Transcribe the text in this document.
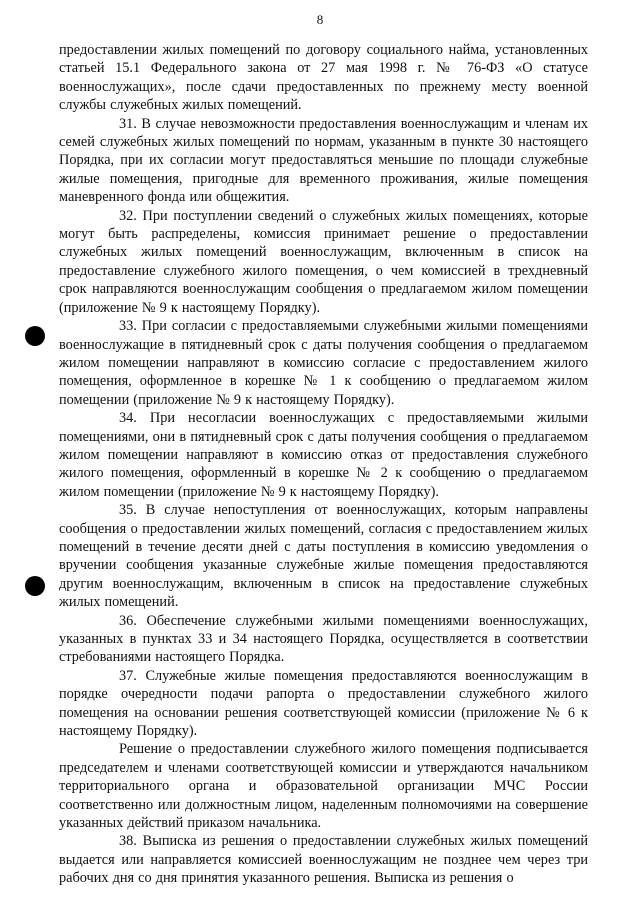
8

предоставлении жилых помещений по договору социального найма, установленных статьей 15.1 Федерального закона от 27 мая 1998 г. № 76-ФЗ «О статусе военнослужащих», после сдачи предоставленных по прежнему месту военной службы служебных жилых помещений.

31. В случае невозможности предоставления военнослужащим и членам их семей служебных жилых помещений по нормам, указанным в пункте 30 настоящего Порядка, при их согласии могут предоставляться меньшие по площади служебные жилые помещения, пригодные для временного проживания, жилые помещения маневренного фонда или общежития.

32. При поступлении сведений о служебных жилых помещениях, которые могут быть распределены, комиссия принимает решение о предоставлении служебных жилых помещений военнослужащим, включенным в список на предоставление служебного жилого помещения, о чем комиссией в трехдневный срок направляются военнослужащим сообщения о предлагаемом жилом помещении (приложение № 9 к настоящему Порядку).

33. При согласии с предоставляемыми служебными жилыми помещениями военнослужащие в пятидневный срок с даты получения сообщения о предлагаемом жилом помещении направляют в комиссию согласие с предоставлением жилого помещения, оформленное в корешке № 1 к сообщению о предлагаемом жилом помещении (приложение № 9 к настоящему Порядку).

34. При несогласии военнослужащих с предоставляемыми жилыми помещениями, они в пятидневный срок с даты получения сообщения о предлагаемом жилом помещении направляют в комиссию отказ от предоставления служебного жилого помещения, оформленный в корешке № 2 к сообщению о предлагаемом жилом помещении (приложение № 9 к настоящему Порядку).

35. В случае непоступления от военнослужащих, которым направлены сообщения о предоставлении жилых помещений, согласия с предоставлением жилых помещений в течение десяти дней с даты поступления в комиссию уведомления о вручении сообщения указанные служебные жилые помещения предоставляются другим военнослужащим, включенным в список на предоставление служебных жилых помещений.

36. Обеспечение служебными жилыми помещениями военнослужащих, указанных в пунктах 33 и 34 настоящего Порядка, осуществляется в соответствии стребованиями настоящего Порядка.

37. Служебные жилые помещения предоставляются военнослужащим в порядке очередности подачи рапорта о предоставлении служебного жилого помещения на основании решения соответствующей комиссии (приложение № 6 к настоящему Порядку).

Решение о предоставлении служебного жилого помещения подписывается председателем и членами соответствующей комиссии и утверждаются начальником территориального органа и образовательной организации МЧС России соответственно или должностным лицом, наделенным полномочиями на совершение указанных действий приказом начальника.

38. Выписка из решения о предоставлении служебных жилых помещений выдается или направляется комиссией военнослужащим не позднее чем через три рабочих дня со дня принятия указанного решения. Выписка из решения о
